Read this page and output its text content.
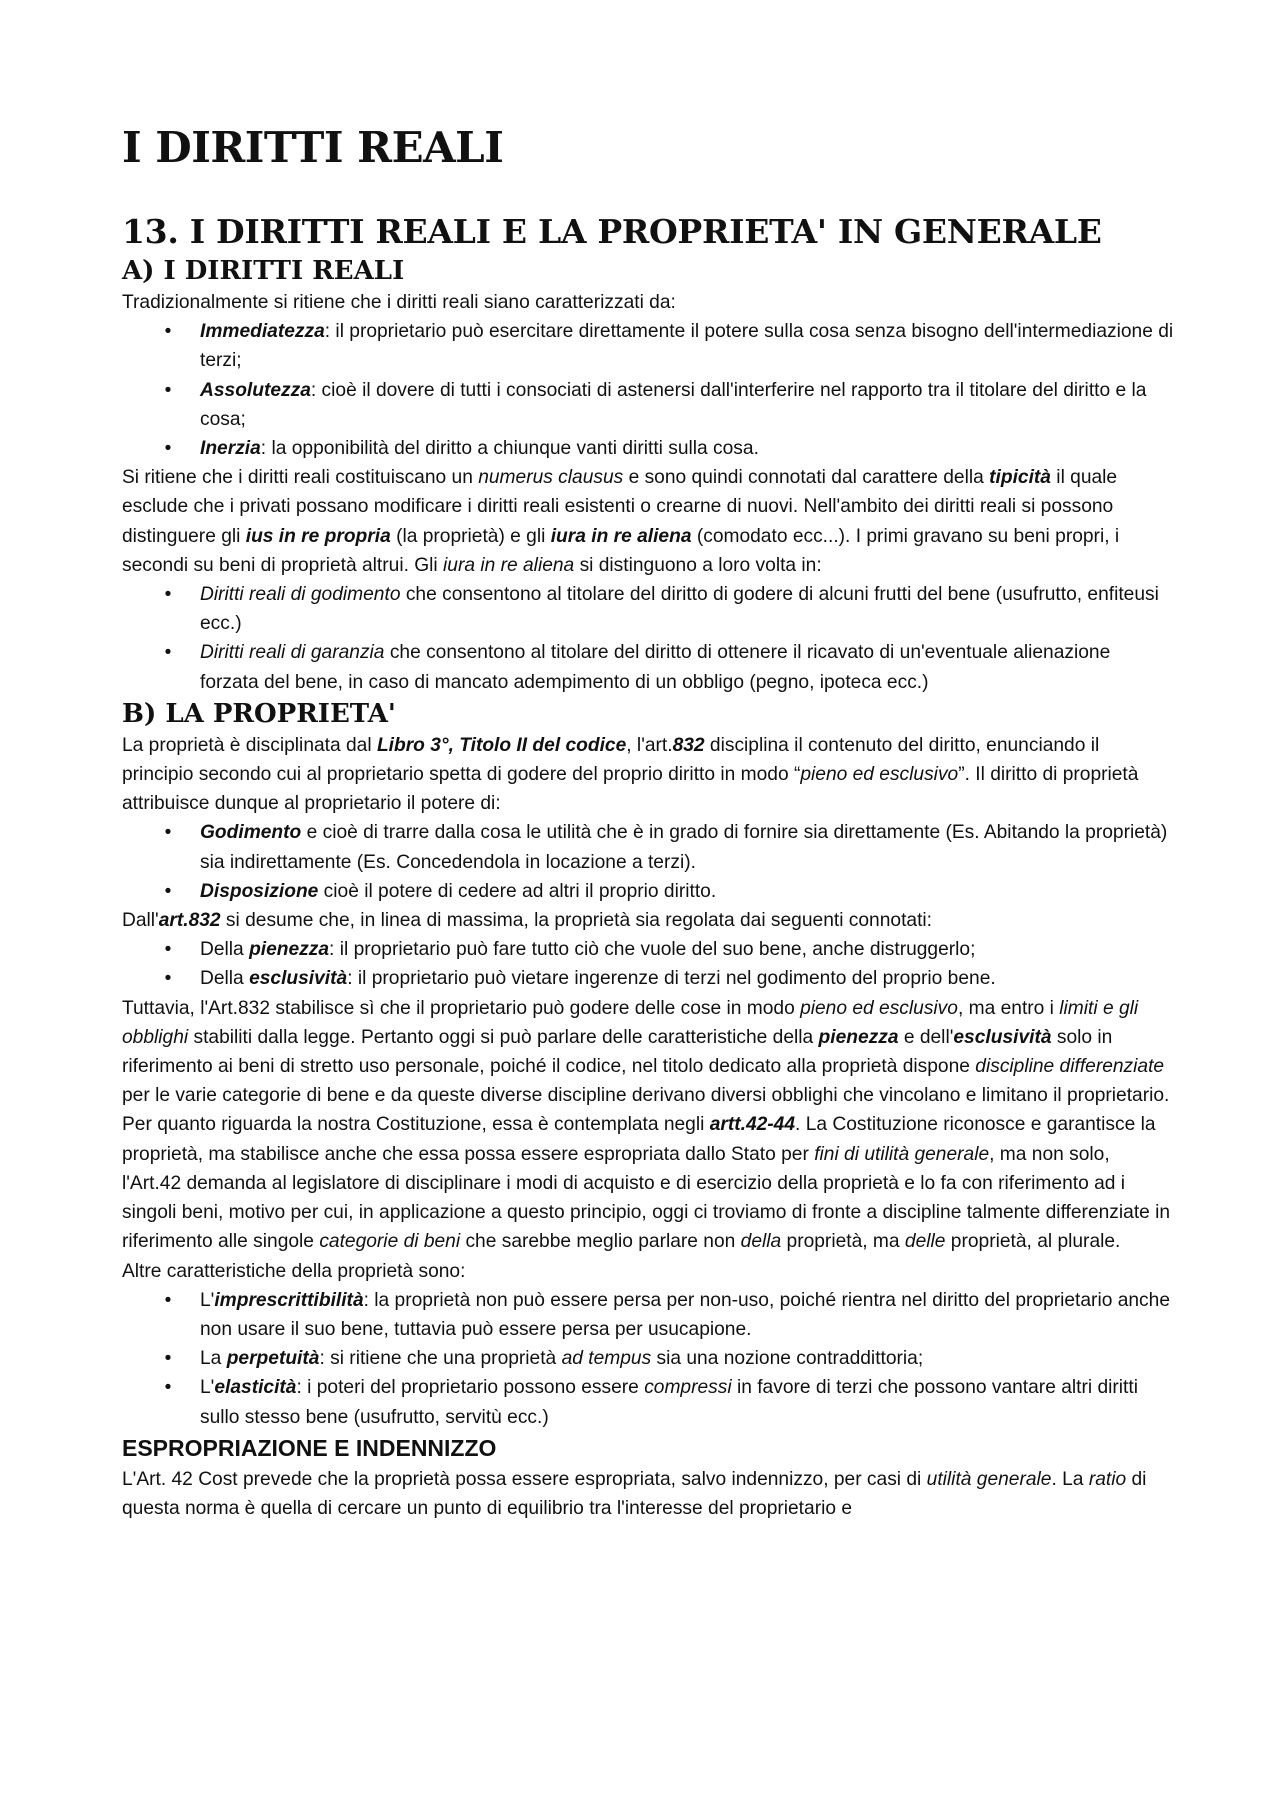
I DIRITTI REALI
13. I DIRITTI REALI E LA PROPRIETA' IN GENERALE
A) I DIRITTI REALI

Tradizionalmente si ritiene che i diritti reali siano caratterizzati da:

• Immediatezza: il proprietario può esercitare direttamente il potere sulla cosa senza bisogno dell'intermediazione di terzi;
• Assolutezza: cioè il dovere di tutti i consociati di astenersi dall'interferire nel rapporto tra il titolare del diritto e la cosa;
• Inerzia: la opponibilità del diritto a chiunque vanti diritti sulla cosa.

Si ritiene che i diritti reali costituiscano un numerus clausus e sono quindi connotati dal carattere della tipicità il quale esclude che i privati possano modificare i diritti reali esistenti o crearne di nuovi. Nell'ambito dei diritti reali si possono distinguere gli ius in re propria (la proprietà) e gli iura in re aliena (comodato ecc...). I primi gravano su beni propri, i secondi su beni di proprietà altrui. Gli iura in re aliena si distinguono a loro volta in:

• Diritti reali di godimento che consentono al titolare del diritto di godere di alcuni frutti del bene (usufrutto, enfiteusi ecc.)
• Diritti reali di garanzia che consentono al titolare del diritto di ottenere il ricavato di un'eventuale alienazione forzata del bene, in caso di mancato adempimento di un obbligo (pegno, ipoteca ecc.)
B) LA PROPRIETA'

La proprietà è disciplinata dal Libro 3°, Titolo II del codice, l'art.832 disciplina il contenuto del diritto, enunciando il principio secondo cui al proprietario spetta di godere del proprio diritto in modo “pieno ed esclusivo”. Il diritto di proprietà attribuisce dunque al proprietario il potere di:

• Godimento e cioè di trarre dalla cosa le utilità che è in grado di fornire sia direttamente (Es. Abitando la proprietà) sia indirettamente (Es. Concedendola in locazione a terzi).
• Disposizione cioè il potere di cedere ad altri il proprio diritto.

Dall'art.832 si desume che, in linea di massima, la proprietà sia regolata dai seguenti connotati:

• Della pienezza: il proprietario può fare tutto ciò che vuole del suo bene, anche distruggerlo;
• Della esclusività: il proprietario può vietare ingerenze di terzi nel godimento del proprio bene.

Tuttavia, l'Art.832 stabilisce sì che il proprietario può godere delle cose in modo pieno ed esclusivo, ma entro i limiti e gli obblighi stabiliti dalla legge. Pertanto oggi si può parlare delle caratteristiche della pienezza e dell'esclusività solo in riferimento ai beni di stretto uso personale, poiché il codice, nel titolo dedicato alla proprietà dispone discipline differenziate per le varie categorie di bene e da queste diverse discipline derivano diversi obblighi che vincolano e limitano il proprietario.

Per quanto riguarda la nostra Costituzione, essa è contemplata negli artt.42-44. La Costituzione riconosce e garantisce la proprietà, ma stabilisce anche che essa possa essere espropriata dallo Stato per fini di utilità generale, ma non solo, l'Art.42 demanda al legislatore di disciplinare i modi di acquisto e di esercizio della proprietà e lo fa con riferimento ad i singoli beni, motivo per cui, in applicazione a questo principio, oggi ci troviamo di fronte a discipline talmente differenziate in riferimento alle singole categorie di beni che sarebbe meglio parlare non della proprietà, ma delle proprietà, al plurale.

Altre caratteristiche della proprietà sono:

• L'imprescrittibilità: la proprietà non può essere persa per non-uso, poiché rientra nel diritto del proprietario anche non usare il suo bene, tuttavia può essere persa per usucapione.
• La perpetuità: si ritiene che una proprietà ad tempus sia una nozione contraddittoria;
• L'elasticità: i poteri del proprietario possono essere compressi in favore di terzi che possono vantare altri diritti sullo stesso bene (usufrutto, servitù ecc.)
ESPROPRIAZIONE E INDENNIZZO

L'Art. 42 Cost prevede che la proprietà possa essere espropriata, salvo indennizzo, per casi di utilità generale. La ratio di questa norma è quella di cercare un punto di equilibrio tra l'interesse del proprietario e
